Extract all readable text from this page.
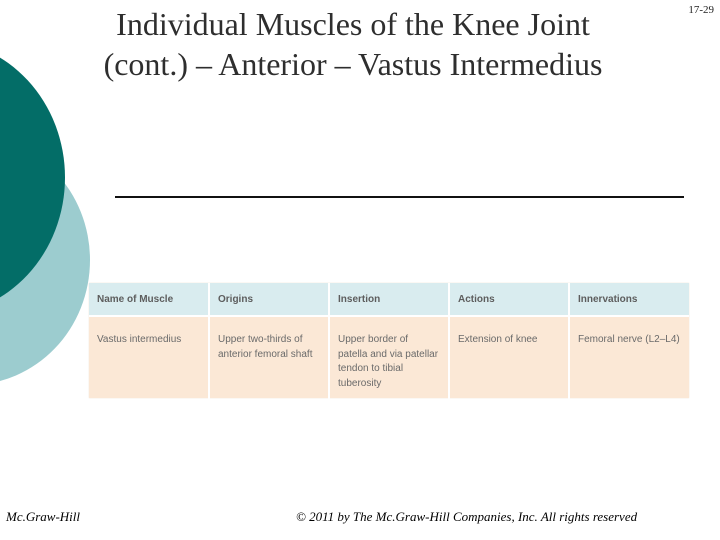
Individual Muscles of the Knee Joint
(cont.) – Anterior – Vastus Intermedius
17-29
Name of Muscle	Origins	Insertion	Actions	Innervations
Vastus intermedius	Upper two-thirds of anterior femoral shaft	Upper border of patella and via patellar tendon to tibial tuberosity	Extension of knee	Femoral nerve (L2–L4)
Mc.Graw-Hill	© 2011 by The Mc.Graw-Hill Companies, Inc. All rights reserved
